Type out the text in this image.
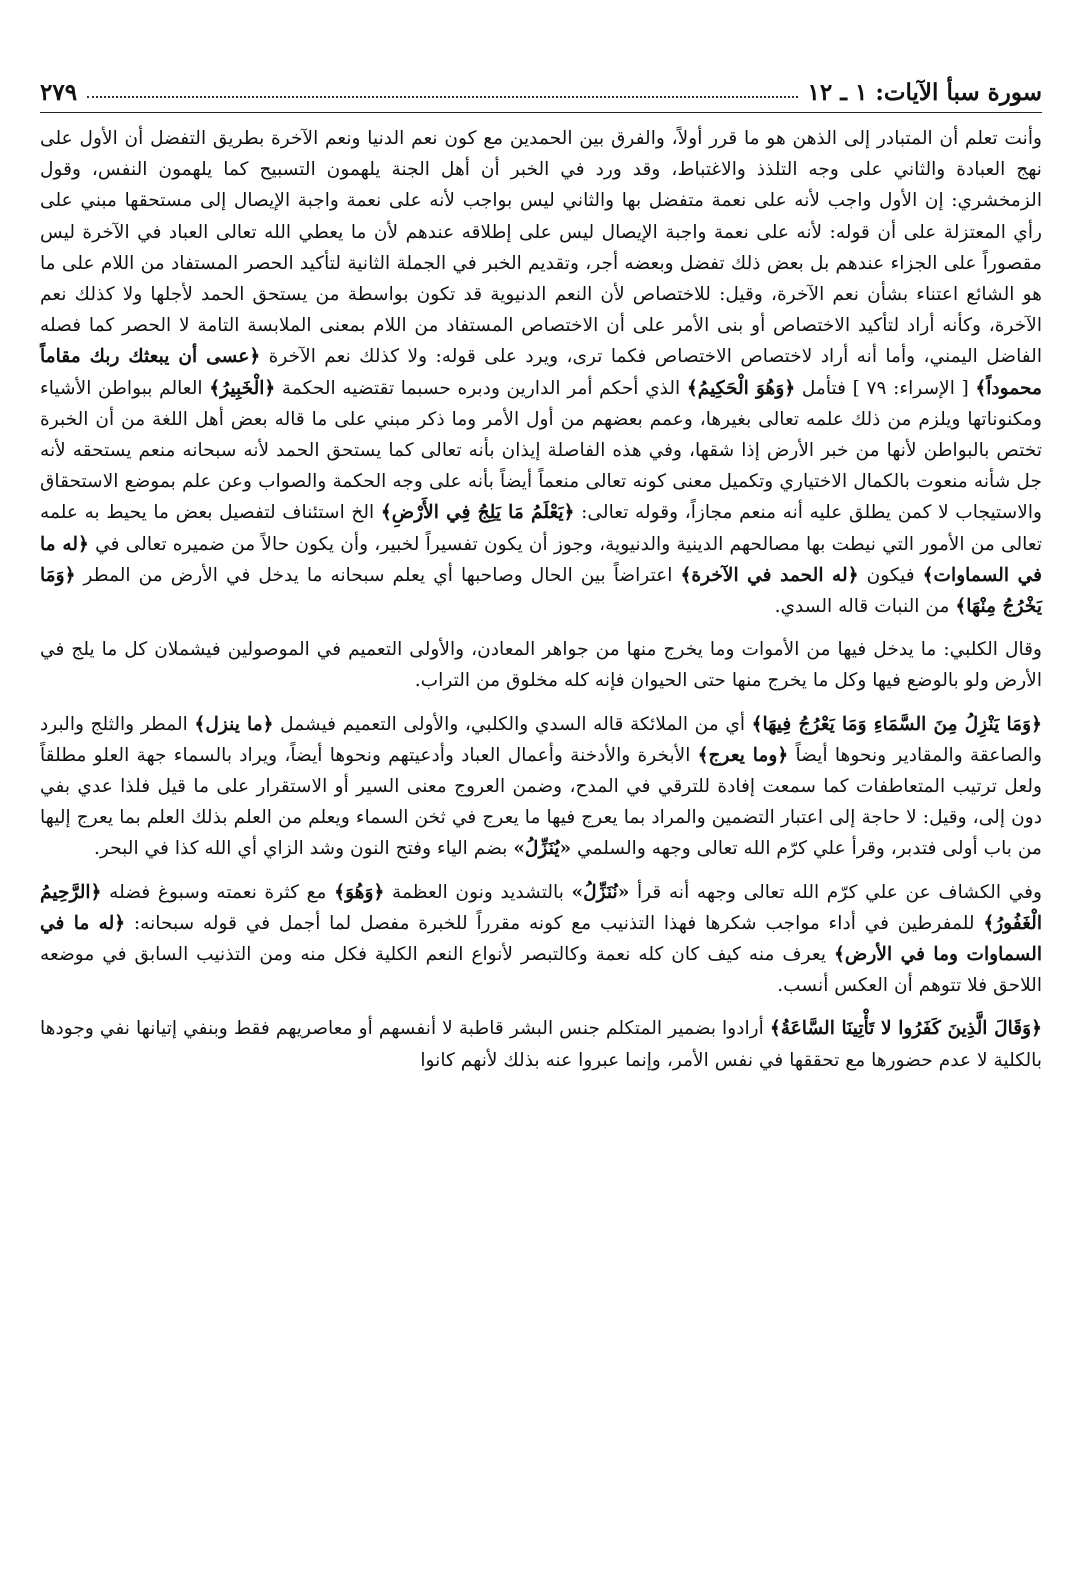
سورة سبأ الآيات: ١ ـ ١٢
٢٧٩

وأنت تعلم أن المتبادر إلى الذهن هو ما قرر أولاً، والفرق بين الحمدين مع كون نعم الدنيا ونعم الآخرة بطريق التفضل أن الأول على نهج العبادة والثاني على وجه التلذذ والاغتباط، وقد ورد في الخبر أن أهل الجنة يلهمون التسبيح كما يلهمون النفس، وقول الزمخشري: إن الأول واجب لأنه على نعمة متفضل بها والثاني ليس بواجب لأنه على نعمة واجبة الإيصال إلى مستحقها مبني على رأي المعتزلة على أن قوله: لأنه على نعمة واجبة الإيصال ليس على إطلاقه عندهم لأن ما يعطي الله تعالى العباد في الآخرة ليس مقصوراً على الجزاء عندهم بل بعض ذلك تفضل وبعضه أجر، وتقديم الخبر في الجملة الثانية لتأكيد الحصر المستفاد من اللام على ما هو الشائع اعتناء بشأن نعم الآخرة، وقيل: للاختصاص لأن النعم الدنيوية قد تكون بواسطة من يستحق الحمد لأجلها ولا كذلك نعم الآخرة، وكأنه أراد لتأكيد الاختصاص أو بنى الأمر على أن الاختصاص المستفاد من اللام بمعنى الملابسة التامة لا الحصر كما فصله الفاضل اليمني، وأما أنه أراد لاختصاص الاختصاص فكما ترى، ويرد على قوله: ولا كذلك نعم الآخرة ﴿عسى أن يبعثك ربك مقاماً محموداً﴾ [ الإسراء: ٧٩ ] فتأمل ﴿وَهُوَ الْحَكِيمُ﴾ الذي أحكم أمر الدارين ودبره حسبما تقتضيه الحكمة ﴿الْخَبِيرُ﴾ العالم ببواطن الأشياء ومكنوناتها ويلزم من ذلك علمه تعالى بغيرها، وعمم بعضهم من أول الأمر وما ذكر مبني على ما قاله بعض أهل اللغة من أن الخبرة تختص بالبواطن لأنها من خبر الأرض إذا شقها، وفي هذه الفاصلة إيذان بأنه تعالى كما يستحق الحمد لأنه سبحانه منعم يستحقه لأنه جل شأنه منعوت بالكمال الاختياري وتكميل معنى كونه تعالى منعماً أيضاً بأنه على وجه الحكمة والصواب وعن علم بموضع الاستحقاق والاستيجاب لا كمن يطلق عليه أنه منعم مجازاً، وقوله تعالى: ﴿يَعْلَمُ مَا يَلِجُ فِي الأَرْضِ﴾ الخ استئناف لتفصيل بعض ما يحيط به علمه تعالى من الأمور التي نيطت بها مصالحهم الدينية والدنيوية، وجوز أن يكون تفسيراً لخبير، وأن يكون حالاً من ضميره تعالى في ﴿له ما في السماوات﴾ فيكون ﴿له الحمد في الآخرة﴾ اعتراضاً بين الحال وصاحبها أي يعلم سبحانه ما يدخل في الأرض من المطر ﴿وَمَا يَخْرُجُ مِنْهَا﴾ من النبات قاله السدي.

وقال الكلبي: ما يدخل فيها من الأموات وما يخرج منها من جواهر المعادن، والأولى التعميم في الموصولين فيشملان كل ما يلج في الأرض ولو بالوضع فيها وكل ما يخرج منها حتى الحيوان فإنه كله مخلوق من التراب.

﴿وَمَا يَنْزِلُ مِنَ السَّمَاءِ وَمَا يَعْرُجُ فِيهَا﴾ أي من الملائكة قاله السدي والكلبي، والأولى التعميم فيشمل ﴿ما ينزل﴾ المطر والثلج والبرد والصاعقة والمقادير ونحوها أيضاً ﴿وما يعرج﴾ الأبخرة والأدخنة وأعمال العباد وأدعيتهم ونحوها أيضاً، ويراد بالسماء جهة العلو مطلقاً ولعل ترتيب المتعاطفات كما سمعت إفادة للترقي في المدح، وضمن العروج معنى السير أو الاستقرار على ما قيل فلذا عدي بفي دون إلى، وقيل: لا حاجة إلى اعتبار التضمين والمراد بما يعرج فيها ما يعرج في ثخن السماء ويعلم من العلم بذلك العلم بما يعرج إليها من باب أولى فتدبر، وقرأ علي كرّم الله تعالى وجهه والسلمي «يُنَزِّلُ» بضم الياء وفتح النون وشد الزاي أي الله كذا في البحر.

وفي الكشاف عن علي كرّم الله تعالى وجهه أنه قرأ «نُنَزِّلُ» بالتشديد ونون العظمة ﴿وَهُوَ﴾ مع كثرة نعمته وسبوغ فضله ﴿الرَّحِيمُ الْغَفُورُ﴾ للمفرطين في أداء مواجب شكرها فهذا التذنيب مع كونه مقرراً للخبرة مفصل لما أجمل في قوله سبحانه: ﴿له ما في السماوات وما في الأرض﴾ يعرف منه كيف كان كله نعمة وكالتبصر لأنواع النعم الكلية فكل منه ومن التذنيب السابق في موضعه اللاحق فلا تتوهم أن العكس أنسب.

﴿وَقَالَ الَّذِينَ كَفَرُوا لا تَأْتِينَا السَّاعَةُ﴾ أرادوا بضمير المتكلم جنس البشر قاطبة لا أنفسهم أو معاصريهم فقط وبنفي إتيانها نفي وجودها بالكلية لا عدم حضورها مع تحققها في نفس الأمر، وإنما عبروا عنه بذلك لأنهم كانوا
